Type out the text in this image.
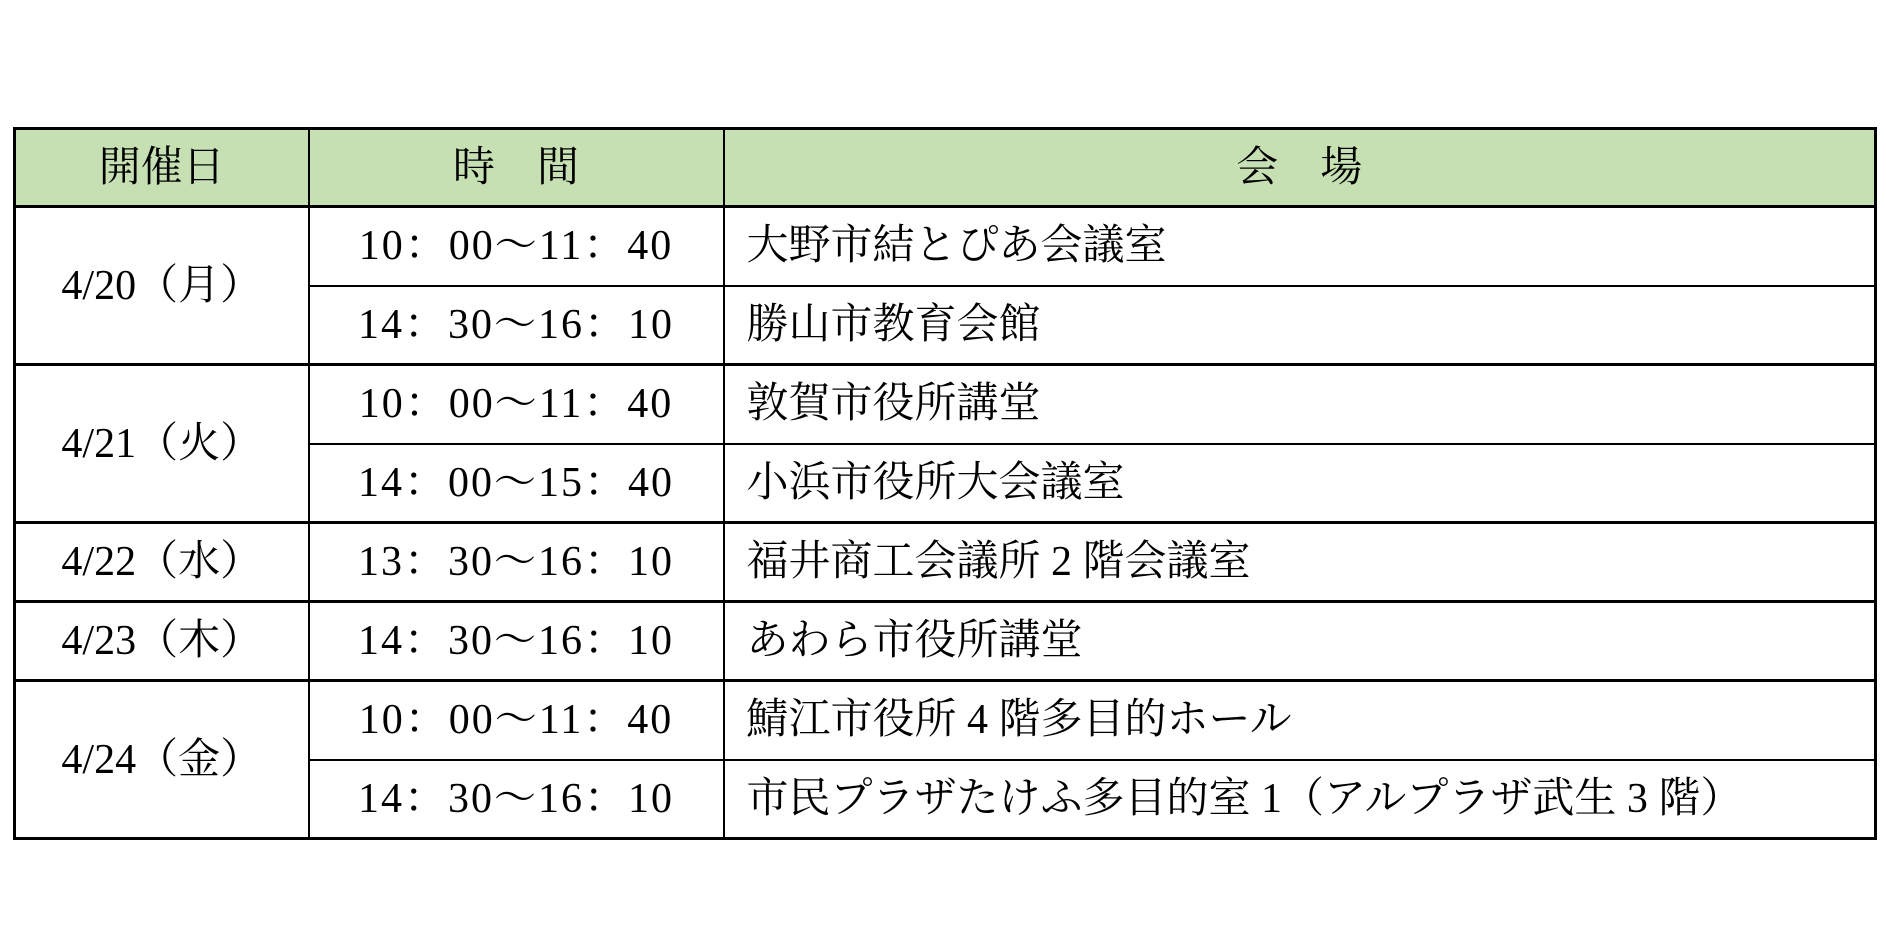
開催日	時　間	会　場
4/20（月）	10：00～11：40	大野市結とぴあ会議室
	14：30～16：10	勝山市教育会館
4/21（火）	10：00～11：40	敦賀市役所講堂
	14：00～15：40	小浜市役所大会議室
4/22（水）	13：30～16：10	福井商工会議所 2 階会議室
4/23（木）	14：30～16：10	あわら市役所講堂
4/24（金）	10：00～11：40	鯖江市役所 4 階多目的ホール
	14：30～16：10	市民プラザたけふ多目的室 1（アルプラザ武生 3 階）
